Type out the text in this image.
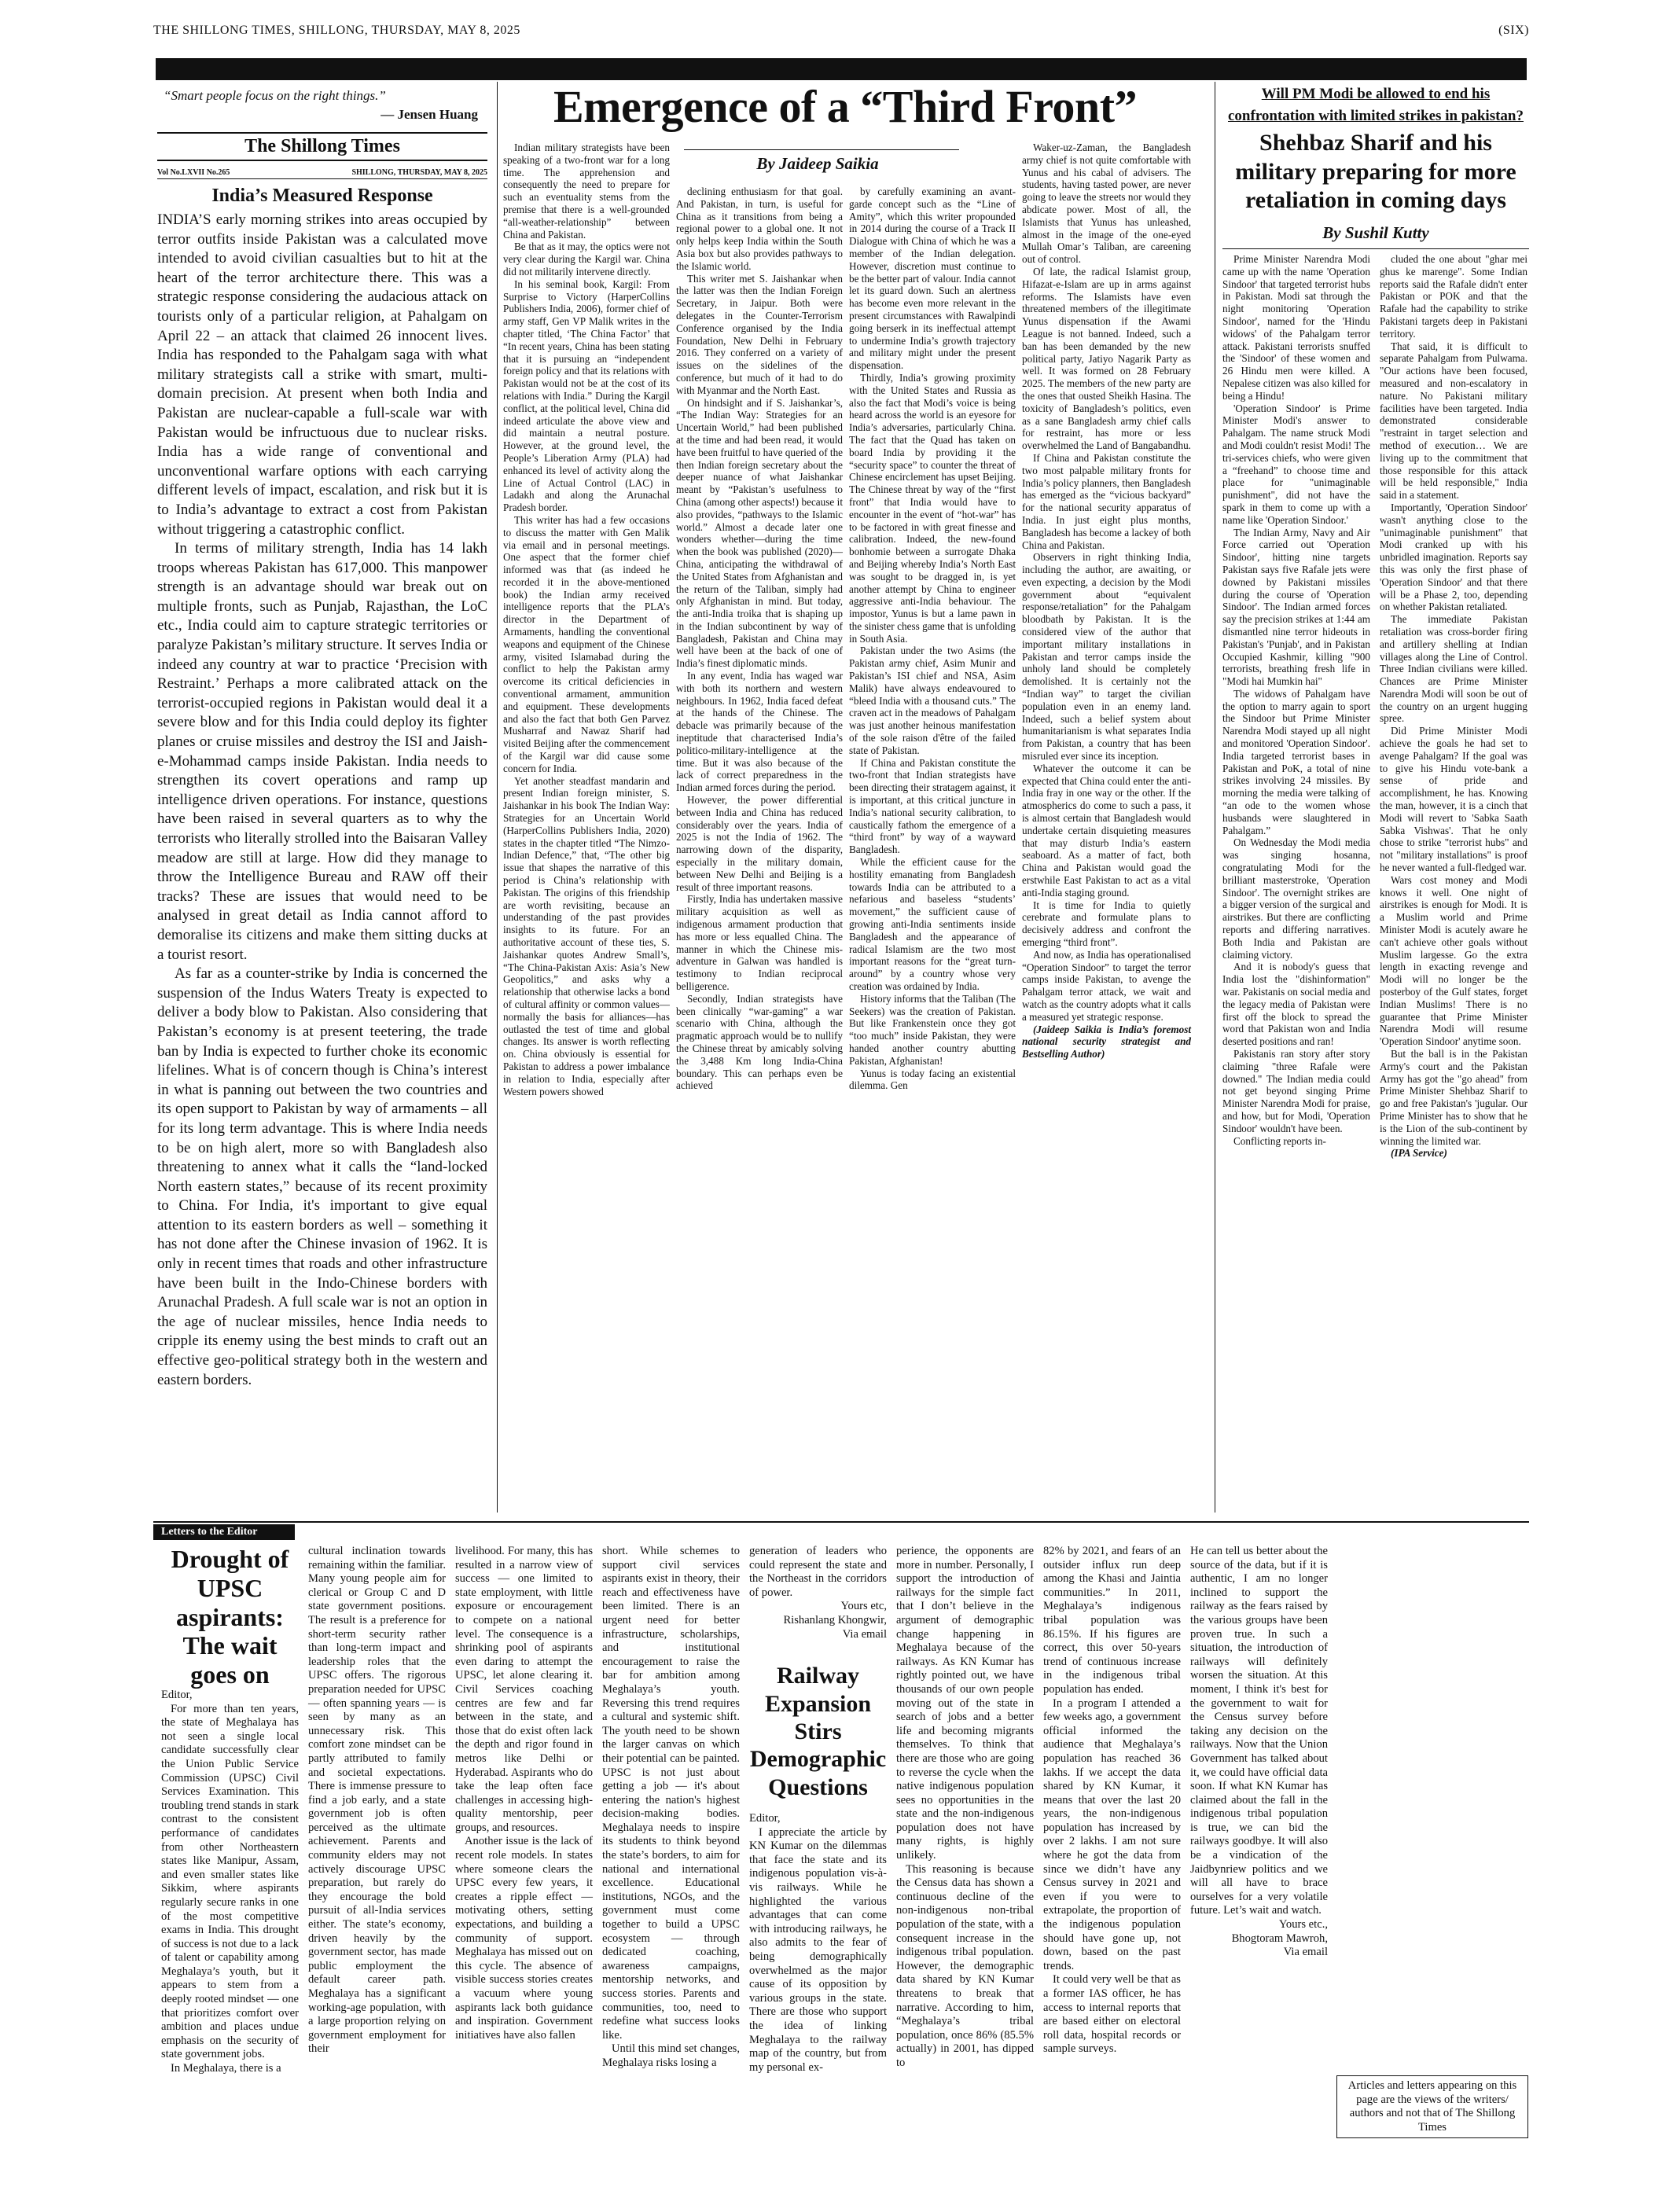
THE SHILLONG TIMES, SHILLONG, THURSDAY, MAY 8, 2025	(SIX)
“Smart people focus on the right things.”
— Jensen Huang
The Shillong Times
Vol No.LXVII No.265	SHILLONG, THURSDAY, MAY 8, 2025
India’s Measured Response

INDIA’S early morning strikes into areas occupied by terror outfits inside Pakistan was a calculated move intended to avoid civilian casualties but to hit at the heart of the terror architecture there. This was a strategic response considering the audacious attack on tourists only of a particular religion, at Pahalgam on April 22 – an attack that claimed 26 innocent lives. India has responded to the Pahalgam saga with what military strategists call a strike with smart, multi-domain precision. At present when both India and Pakistan are nuclear-capable a full-scale war with Pakistan would be infructuous due to nuclear risks. India has a wide range of conventional and unconventional warfare options with each carrying different levels of impact, escalation, and risk but it is to India’s advantage to extract a cost from Pakistan without triggering a catastrophic conflict.

In terms of military strength, India has 14 lakh troops whereas Pakistan has 617,000. This manpower strength is an advantage should war break out on multiple fronts, such as Punjab, Rajasthan, the LoC etc., India could aim to capture strategic territories or paralyze Pakistan’s military structure. It serves India or indeed any country at war to practice ‘Precision with Restraint.’ Perhaps a more calibrated attack on the terrorist-occupied regions in Pakistan would deal it a severe blow and for this India could deploy its fighter planes or cruise missiles and destroy the ISI and Jaish-e-Mohammad camps inside Pakistan. India needs to strengthen its covert operations and ramp up intelligence driven operations. For instance, questions have been raised in several quarters as to why the terrorists who literally strolled into the Baisaran Valley meadow are still at large. How did they manage to throw the Intelligence Bureau and RAW off their tracks? These are issues that would need to be analysed in great detail as India cannot afford to demoralise its citizens and make them sitting ducks at a tourist resort.

As far as a counter-strike by India is concerned the suspension of the Indus Waters Treaty is expected to deliver a body blow to Pakistan. Also considering that Pakistan’s economy is at present teetering, the trade ban by India is expected to further choke its economic lifelines. What is of concern though is China’s interest in what is panning out between the two countries and its open support to Pakistan by way of armaments – all for its long term advantage. This is where India needs to be on high alert, more so with Bangladesh also threatening to annex what it calls the “land-locked North eastern states,” because of its recent proximity to China. For India, it's important to give equal attention to its eastern borders as well – something it has not done after the Chinese invasion of 1962. It is only in recent times that roads and other infrastructure have been built in the Indo-Chinese borders with Arunachal Pradesh. A full scale war is not an option in the age of nuclear missiles, hence India needs to cripple its enemy using the best minds to craft out an effective geo-political strategy both in the western and eastern borders.

Emergence of a “Third Front”
By Jaideep Saikia

Indian military strategists have been speaking of a two-front war for a long time. The apprehension and consequently the need to prepare for such an eventuality stems from the premise that there is a well-grounded “all-weather-relationship” between China and Pakistan.

Be that as it may, the optics were not very clear during the Kargil war. China did not militarily intervene directly.

In his seminal book, Kargil: From Surprise to Victory (HarperCollins Publishers India, 2006), former chief of army staff, Gen VP Malik writes in the chapter titled, ‘The China Factor’ that “In recent years, China has been stating that it is pursuing an “independent foreign policy and that its relations with Pakistan would not be at the cost of its relations with India.” During the Kargil conflict, at the political level, China did indeed articulate the above view and did maintain a neutral posture. However, at the ground level, the People’s Liberation Army (PLA) had enhanced its level of activity along the Line of Actual Control (LAC) in Ladakh and along the Arunachal Pradesh border.

This writer has had a few occasions to discuss the matter with Gen Malik via email and in personal meetings. One aspect that the former chief informed was that (as indeed he recorded it in the above-mentioned book) the Indian army received intelligence reports that the PLA’s director in the Department of Armaments, handling the conventional weapons and equipment of the Chinese army, visited Islamabad during the conflict to help the Pakistan army overcome its critical deficiencies in conventional armament, ammunition and equipment. These developments and also the fact that both Gen Parvez Musharraf and Nawaz Sharif had visited Beijing after the commencement of the Kargil war did cause some concern for India.

Yet another steadfast mandarin and present Indian foreign minister, S. Jaishankar in his book The Indian Way: Strategies for an Uncertain World (HarperCollins Publishers India, 2020) states in the chapter titled “The Nimzo-Indian Defence,” that, “The other big issue that shapes the narrative of this period is China’s relationship with Pakistan. The origins of this friendship are worth revisiting, because an understanding of the past provides insights to its future. For an authoritative account of these ties, S. Jaishankar quotes Andrew Small’s, “The China-Pakistan Axis: Asia’s New Geopolitics,” and asks why a relationship that otherwise lacks a bond of cultural affinity or common values—normally the basis for alliances—has outlasted the test of time and global changes. Its answer is worth reflecting on. China obviously is essential for Pakistan to address a power imbalance in relation to India, especially after Western powers showed

declining enthusiasm for that goal. And Pakistan, in turn, is useful for China as it transitions from being a regional power to a global one. It not only helps keep India within the South Asia box but also provides pathways to the Islamic world.

This writer met S. Jaishankar when the latter was then the Indian Foreign Secretary, in Jaipur. Both were delegates in the Counter-Terrorism Conference organised by the India Foundation, New Delhi in February 2016. They conferred on a variety of issues on the sidelines of the conference, but much of it had to do with Myanmar and the North East.

On hindsight and if S. Jaishankar’s, “The Indian Way: Strategies for an Uncertain World,” had been published at the time and had been read, it would have been fruitful to have queried of the then Indian foreign secretary about the deeper nuance of what Jaishankar meant by “Pakistan’s usefulness to China (among other aspects!) because it also provides, “pathways to the Islamic world.” Almost a decade later one wonders whether—during the time when the book was published (2020)—China, anticipating the withdrawal of the United States from Afghanistan and the return of the Taliban, simply had only Afghanistan in mind. But today, the anti-India troika that is shaping up in the Indian subcontinent by way of Bangladesh, Pakistan and China may well have been at the back of one of India’s finest diplomatic minds.

In any event, India has waged war with both its northern and western neighbours. In 1962, India faced defeat at the hands of the Chinese. The debacle was primarily because of the ineptitude that characterised India’s politico-military-intelligence at the time. But it was also because of the lack of correct preparedness in the Indian armed forces during the period.

However, the power differential between India and China has reduced considerably over the years. India of 2025 is not the India of 1962. The narrowing down of the disparity, especially in the military domain, between New Delhi and Beijing is a result of three important reasons.

Firstly, India has undertaken massive military acquisition as well as indigenous armament production that has more or less equalled China. The manner in which the Chinese mis-adventure in Galwan was handled is testimony to Indian reciprocal belligerence.

Secondly, Indian strategists have been clinically “war-gaming” a war scenario with China, although the pragmatic approach would be to nullify the Chinese threat by amicably solving the 3,488 Km long India-China boundary. This can perhaps even be achieved

by carefully examining an avant-garde concept such as the “Line of Amity”, which this writer propounded in 2014 during the course of a Track II Dialogue with China of which he was a member of the Indian delegation. However, discretion must continue to be the better part of valour. India cannot let its guard down. Such an alertness has become even more relevant in the present circumstances with Rawalpindi going berserk in its ineffectual attempt to undermine India’s growth trajectory and military might under the present dispensation.

Thirdly, India’s growing proximity with the United States and Russia as also the fact that Modi’s voice is being heard across the world is an eyesore for India’s adversaries, particularly China. The fact that the Quad has taken on board India by providing it the “security space” to counter the threat of Chinese encirclement has upset Beijing. The Chinese threat by way of the “first front” that India would have to encounter in the event of “hot-war” has to be factored in with great finesse and calibration. Indeed, the new-found bonhomie between a surrogate Dhaka and Beijing whereby India’s North East was sought to be dragged in, is yet another attempt by China to engineer aggressive anti-India behaviour. The impostor, Yunus is but a lame pawn in the sinister chess game that is unfolding in South Asia.

Pakistan under the two Asims (the Pakistan army chief, Asim Munir and Pakistan’s ISI chief and NSA, Asim Malik) have always endeavoured to “bleed India with a thousand cuts.” The craven act in the meadows of Pahalgam was just another heinous manifestation of the sole raison d'être of the failed state of Pakistan.

If China and Pakistan constitute the two-front that Indian strategists have been directing their stratagem against, it is important, at this critical juncture in India’s national security calibration, to caustically fathom the emergence of a “third front” by way of a wayward Bangladesh.

While the efficient cause for the hostility emanating from Bangladesh towards India can be attributed to a nefarious and baseless “students’ movement,” the sufficient cause of growing anti-India sentiments inside Bangladesh and the appearance of radical Islamism are the two most important reasons for the “great turn-around” by a country whose very creation was ordained by India.

History informs that the Taliban (The Seekers) was the creation of Pakistan. But like Frankenstein once they got “too much” inside Pakistan, they were handed another country abutting Pakistan, Afghanistan!

Yunus is today facing an existential dilemma. Gen

Waker-uz-Zaman, the Bangladesh army chief is not quite comfortable with Yunus and his cabal of advisers. The students, having tasted power, are never going to leave the streets nor would they abdicate power. Most of all, the Islamists that Yunus has unleashed, almost in the image of the one-eyed Mullah Omar’s Taliban, are careening out of control.

Of late, the radical Islamist group, Hifazat-e-Islam are up in arms against reforms. The Islamists have even threatened members of the illegitimate Yunus dispensation if the Awami League is not banned. Indeed, such a ban has been demanded by the new political party, Jatiyo Nagarik Party as well. It was formed on 28 February 2025. The members of the new party are the ones that ousted Sheikh Hasina. The toxicity of Bangladesh’s politics, even as a sane Bangladesh army chief calls for restraint, has more or less overwhelmed the Land of Bangabandhu.

If China and Pakistan constitute the two most palpable military fronts for India’s policy planners, then Bangladesh has emerged as the “vicious backyard” for the national security apparatus of India. In just eight plus months, Bangladesh has become a lackey of both China and Pakistan.

Observers in right thinking India, including the author, are awaiting, or even expecting, a decision by the Modi government about “equivalent response/retaliation” for the Pahalgam bloodbath by Pakistan. It is the considered view of the author that important military installations in Pakistan and terror camps inside the unholy land should be completely demolished. It is certainly not the “Indian way” to target the civilian population even in an enemy land. Indeed, such a belief system about humanitarianism is what separates India from Pakistan, a country that has been misruled ever since its inception.

Whatever the outcome it can be expected that China could enter the anti-India fray in one way or the other. If the atmospherics do come to such a pass, it is almost certain that Bangladesh would undertake certain disquieting measures that may disturb India’s eastern seaboard. As a matter of fact, both China and Pakistan would goad the erstwhile East Pakistan to act as a vital anti-India staging ground.

It is time for India to quietly cerebrate and formulate plans to decisively address and confront the emerging “third front”.

And now, as India has operationalised “Operation Sindoor” to target the terror camps inside Pakistan, to avenge the Pahalgam terror attack, we wait and watch as the country adopts what it calls a measured yet strategic response.

(Jaideep Saikia is India’s foremost national security strategist and Bestselling Author)

Will PM Modi be allowed to end his confrontation with limited strikes in pakistan?
Shehbaz Sharif and his military preparing for more retaliation in coming days
By Sushil Kutty

Prime Minister Narendra Modi came up with the name 'Operation Sindoor' that targeted terrorist hubs in Pakistan. Modi sat through the night monitoring 'Operation Sindoor', named for the 'Hindu widows' of the Pahalgam terror attack. Pakistani terrorists snuffed the 'Sindoor' of these women and 26 Hindu men were killed. A Nepalese citizen was also killed for being a Hindu!

'Operation Sindoor' is Prime Minister Modi's answer to Pahalgam. The name struck Modi and Modi couldn't resist Modi! The tri-services chiefs, who were given a “freehand” to choose time and place for "unimaginable punishment", did not have the spark in them to come up with a name like 'Operation Sindoor.'

The Indian Army, Navy and Air Force carried out 'Operation Sindoor', hitting nine targets Pakistan says five Rafale jets were downed by Pakistani missiles during the course of 'Operation Sindoor'. The Indian armed forces say the precision strikes at 1:44 am dismantled nine terror hideouts in Pakistan's 'Punjab', and in Pakistan Occupied Kashmir, killing "900 terrorists, breathing fresh life in "Modi hai Mumkin hai"

The widows of Pahalgam have the option to marry again to sport the Sindoor but Prime Minister Narendra Modi stayed up all night and monitored 'Operation Sindoor'. India targeted terrorist bases in Pakistan and PoK, a total of nine strikes involving 24 missiles. By morning the media were talking of “an ode to the women whose husbands were slaughtered in Pahalgam.”

On Wednesday the Modi media was singing hosanna, congratulating Modi for the brilliant masterstroke, 'Operation Sindoor'. The overnight strikes are a bigger version of the surgical and airstrikes. But there are conflicting reports and differing narratives. Both India and Pakistan are claiming victory.

And it is nobody's guess that India lost the "dishinformation" war. Pakistanis on social media and the legacy media of Pakistan were first off the block to spread the word that Pakistan won and India deserted positions and ran!

Pakistanis ran story after story claiming "three Rafale were downed." The Indian media could not get beyond singing Prime Minister Narendra Modi for praise, and how, but for Modi, 'Operation Sindoor' wouldn't have been.

Conflicting reports in-

cluded the one about "ghar mei ghus ke marenge". Some Indian reports said the Rafale didn't enter Pakistan or POK and that the Rafale had the capability to strike Pakistani targets deep in Pakistani territory.

That said, it is difficult to separate Pahalgam from Pulwama. "Our actions have been focused, measured and non-escalatory in nature. No Pakistani military facilities have been targeted. India demonstrated considerable "restraint in target selection and method of execution… We are living up to the commitment that those responsible for this attack will be held responsible," India said in a statement.

Importantly, 'Operation Sindoor' wasn't anything close to the "unimaginable punishment" that Modi cranked up with his unbridled imagination. Reports say this was only the first phase of 'Operation Sindoor' and that there will be a Phase 2, too, depending on whether Pakistan retaliated.

The immediate Pakistan retaliation was cross-border firing and artillery shelling at Indian villages along the Line of Control. Three Indian civilians were killed. Chances are Prime Minister Narendra Modi will soon be out of the country on an urgent hugging spree.

Did Prime Minister Modi achieve the goals he had set to avenge Pahalgam? If the goal was to give his Hindu vote-bank a sense of pride and accomplishment, he has. Knowing the man, however, it is a cinch that Modi will revert to 'Sabka Saath Sabka Vishwas'. That he only chose to strike "terrorist hubs" and not "military installations" is proof he never wanted a full-fledged war.

Wars cost money and Modi knows it well. One night of airstrikes is enough for Modi. It is a Muslim world and Prime Minister Modi is acutely aware he can't achieve other goals without Muslim largesse. Go the extra length in exacting revenge and Modi will no longer be the posterboy of the Gulf states, forget Indian Muslims! There is no guarantee that Prime Minister Narendra Modi will resume 'Operation Sindoor' anytime soon.

But the ball is in the Pakistan Army's court and the Pakistan Army has got the "go ahead" from Prime Minister Shehbaz Sharif to go and free Pakistan's 'jugular. Our Prime Minister has to show that he is the Lion of the sub-continent by winning the limited war.

(IPA Service)

Letters to the Editor
Drought of UPSC aspirants: The wait goes on

Editor,

For more than ten years, the state of Meghalaya has not seen a single local candidate successfully clear the Union Public Service Commission (UPSC) Civil Services Examination. This troubling trend stands in stark contrast to the consistent performance of candidates from other Northeastern states like Manipur, Assam, and even smaller states like Sikkim, where aspirants regularly secure ranks in one of the most competitive exams in India. This drought of success is not due to a lack of talent or capability among Meghalaya’s youth, but it appears to stem from a deeply rooted mindset — one that prioritizes comfort over ambition and places undue emphasis on the security of state government jobs.

In Meghalaya, there is a

cultural inclination towards remaining within the familiar. Many young people aim for clerical or Group C and D state government positions. The result is a preference for short-term security rather than long-term impact and leadership roles that the UPSC offers. The rigorous preparation needed for UPSC — often spanning years — is seen by many as an unnecessary risk. This comfort zone mindset can be partly attributed to family and societal expectations. There is immense pressure to find a job early, and a state government job is often perceived as the ultimate achievement. Parents and community elders may not actively discourage UPSC preparation, but rarely do they encourage the bold pursuit of all-India services either. The state’s economy, driven heavily by the government sector, has made public employment the default career path. Meghalaya has a significant working-age population, with a large proportion relying on government employment for their

livelihood. For many, this has resulted in a narrow view of success — one limited to state employment, with little exposure or encouragement to compete on a national level. The consequence is a shrinking pool of aspirants even daring to attempt the UPSC, let alone clearing it. Civil Services coaching centres are few and far between in the state, and those that do exist often lack the depth and rigor found in metros like Delhi or Hyderabad. Aspirants who do take the leap often face challenges in accessing high-quality mentorship, peer groups, and resources.

Another issue is the lack of recent role models. In states where someone clears the UPSC every few years, it creates a ripple effect — motivating others, setting expectations, and building a community of support. Meghalaya has missed out on this cycle. The absence of visible success stories creates a vacuum where young aspirants lack both guidance and inspiration. Government initiatives have also fallen

short. While schemes to support civil services aspirants exist in theory, their reach and effectiveness have been limited. There is an urgent need for better infrastructure, scholarships, and institutional encouragement to raise the bar for ambition among Meghalaya’s youth. Reversing this trend requires a cultural and systemic shift. The youth need to be shown the larger canvas on which their potential can be painted. UPSC is not just about getting a job — it's about entering the nation's highest decision-making bodies. Meghalaya needs to inspire its students to think beyond the state’s borders, to aim for national and international excellence. Educational institutions, NGOs, and the government must come together to build a UPSC ecosystem — through dedicated coaching, awareness campaigns, mentorship networks, and success stories. Parents and communities, too, need to redefine what success looks like.

Until this mind set changes, Meghalaya risks losing a

generation of leaders who could represent the state and the Northeast in the corridors of power.

Yours etc,

Rishanlang Khongwir,

Via email

Railway Expansion Stirs Demographic Questions

Editor,

I appreciate the article by KN Kumar on the dilemmas that face the state and its indigenous population vis-à-vis railways. While he highlighted the various advantages that can come with introducing railways, he also admits to the fear of being demographically overwhelmed as the major cause of its opposition by various groups in the state. There are those who support the idea of linking Meghalaya to the railway map of the country, but from my personal ex-

perience, the opponents are more in number. Personally, I support the introduction of railways for the simple fact that I don’t believe in the argument of demographic change happening in Meghalaya because of the railways. As KN Kumar has rightly pointed out, we have thousands of our own people moving out of the state in search of jobs and a better life and becoming migrants themselves. To think that there are those who are going to reverse the cycle when the native indigenous population sees no opportunities in the state and the non-indigenous population does not have many rights, is highly unlikely.

This reasoning is because the Census data has shown a continuous decline of the non-indigenous non-tribal population of the state, with a consequent increase in the indigenous tribal population. However, the demographic data shared by KN Kumar threatens to break that narrative. According to him, “Meghalaya’s tribal population, once 86% (85.5% actually) in 2001, has dipped to

82% by 2021, and fears of an outsider influx run deep among the Khasi and Jaintia communities.” In 2011, Meghalaya’s indigenous tribal population was 86.15%. If his figures are correct, this over 50-years trend of continuous increase in the indigenous tribal population has ended.

In a program I attended a few weeks ago, a government official informed the audience that Meghalaya’s population has reached 36 lakhs. If we accept the data shared by KN Kumar, it means that over the last 20 years, the non-indigenous population has increased by over 2 lakhs. I am not sure where he got the data from since we didn’t have any Census survey in 2021 and even if you were to extrapolate, the proportion of the indigenous population should have gone up, not down, based on the past trends.

It could very well be that as a former IAS officer, he has access to internal reports that are based either on electoral roll data, hospital records or sample surveys.

He can tell us better about the source of the data, but if it is authentic, I am no longer inclined to support the railway as the fears raised by the various groups have been proven true. In such a situation, the introduction of railways will definitely worsen the situation. At this moment, I think it's best for the government to wait for the Census survey before taking any decision on the railways. Now that the Union Government has talked about it, we could have official data soon. If what KN Kumar has claimed about the fall in the indigenous tribal population is true, we can bid the railways goodbye. It will also be a vindication of the Jaidbynriew politics and we will all have to brace ourselves for a very volatile future. Let’s wait and watch.

Yours etc.,

Bhogtoram Mawroh,

Via email

Articles and letters appearing on this page are the views of the writers/ authors and not that of The Shillong Times
